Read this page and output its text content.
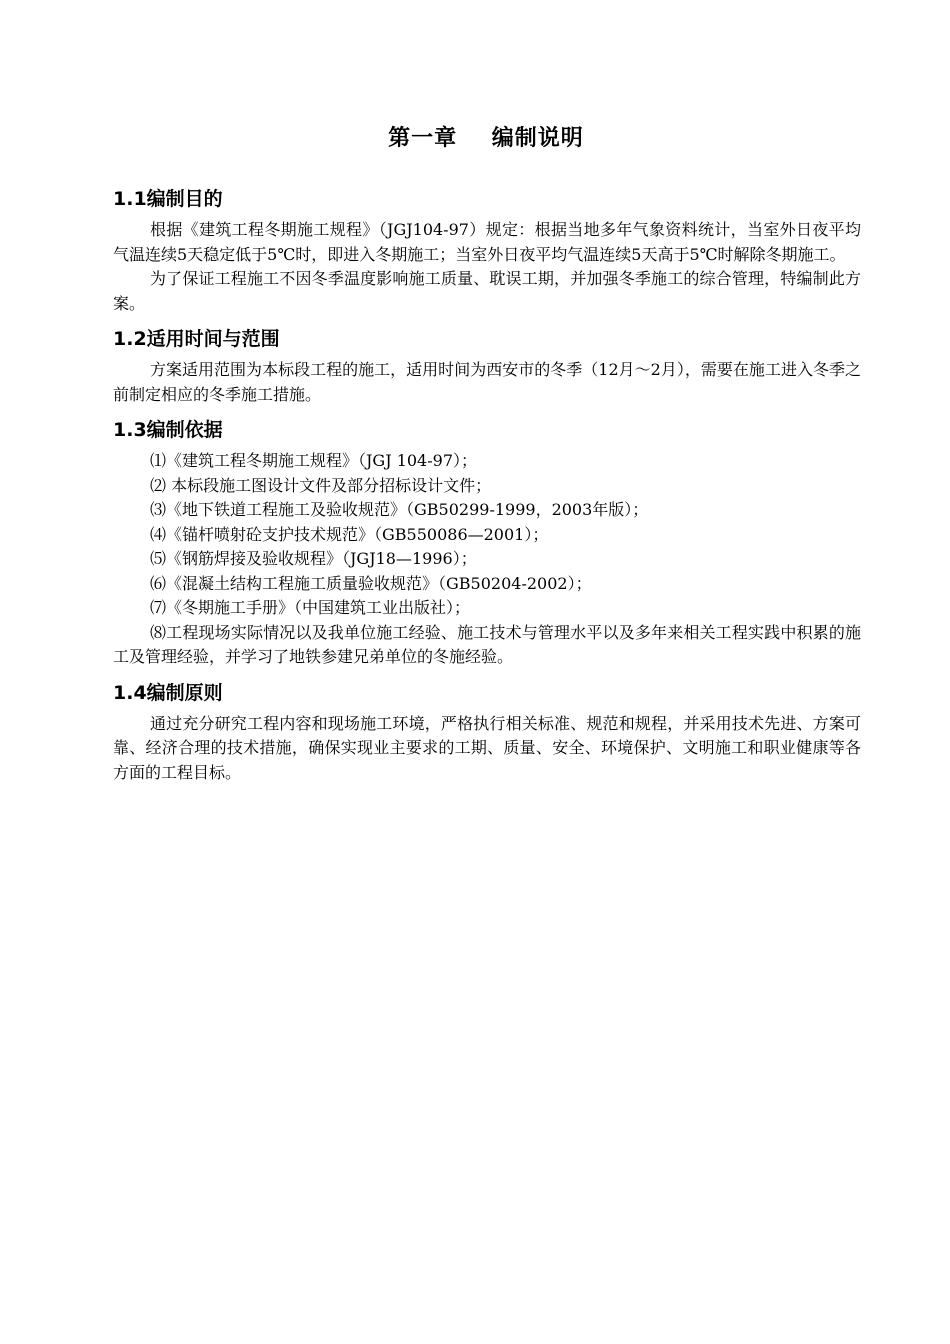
第一章    编制说明
1.1编制目的

根据《建筑工程冬期施工规程》（JGJ104-97）规定：根据当地多年气象资料统计，当室外日夜平均气温连续5天稳定低于5℃时，即进入冬期施工；当室外日夜平均气温连续5天高于5℃时解除冬期施工。

为了保证工程施工不因冬季温度影响施工质量、耽误工期，并加强冬季施工的综合管理，特编制此方案。

1.2适用时间与范围

方案适用范围为本标段工程的施工，适用时间为西安市的冬季（12月～2月），需要在施工进入冬季之前制定相应的冬季施工措施。

1.3编制依据

⑴《建筑工程冬期施工规程》（JGJ 104-97）；

⑵ 本标段施工图设计文件及部分招标设计文件；

⑶《地下铁道工程施工及验收规范》（GB50299-1999，2003年版）；

⑷《锚杆喷射砼支护技术规范》（GB550086—2001）；

⑸《钢筋焊接及验收规程》（JGJ18—1996）；

⑹《混凝土结构工程施工质量验收规范》（GB50204-2002）；

⑺《冬期施工手册》（中国建筑工业出版社）；

⑻工程现场实际情况以及我单位施工经验、施工技术与管理水平以及多年来相关工程实践中积累的施工及管理经验，并学习了地铁参建兄弟单位的冬施经验。

1.4编制原则

通过充分研究工程内容和现场施工环境，严格执行相关标准、规范和规程，并采用技术先进、方案可靠、经济合理的技术措施，确保实现业主要求的工期、质量、安全、环境保护、文明施工和职业健康等各方面的工程目标。
